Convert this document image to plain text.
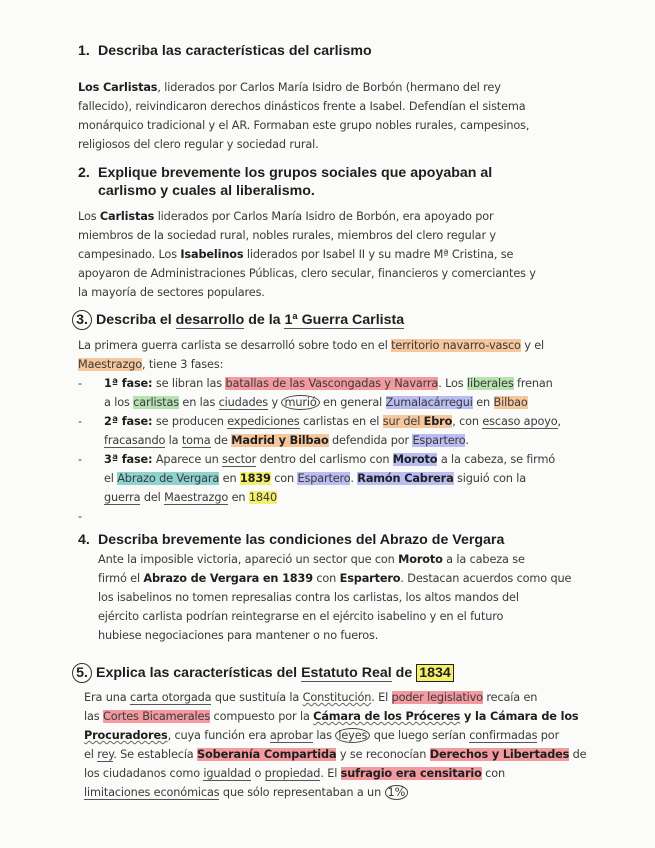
1. Describa las características del carlismo
Los Carlistas, liderados por Carlos María Isidro de Borbón (hermano del rey
fallecido), reivindicaron derechos dinásticos frente a Isabel. Defendían el sistema
monárquico tradicional y el AR. Formaban este grupo nobles rurales, campesinos,
religiosos del clero regular y sociedad rural.
2. Explique brevemente los grupos sociales que apoyaban al
carlismo y cuales al liberalismo.
Los Carlistas liderados por Carlos María Isidro de Borbón, era apoyado por
miembros de la sociedad rural, nobles rurales, miembros del clero regular y
campesinado. Los Isabelinos liderados por Isabel II y su madre Mª Cristina, se
apoyaron de Administraciones Públicas, clero secular, financieros y comerciantes y
la mayoría de sectores populares.
3. Describa el desarrollo de la 1ª Guerra Carlista
La primera guerra carlista se desarrolló sobre todo en el territorio navarro-vasco y el
Maestrazgo, tiene 3 fases:
- 1ª fase: se libran las batallas de las Vascongadas y Navarra. Los liberales frenan
a los carlistas en las ciudades y murió en general Zumalacárregui en Bilbao
- 2ª fase: se producen expediciones carlistas en el sur del Ebro, con escaso apoyo,
fracasando la toma de Madrid y Bilbao defendida por Espartero.
- 3ª fase: Aparece un sector dentro del carlismo con Moroto a la cabeza, se firmó
el Abrazo de Vergara en 1839 con Espartero. Ramón Cabrera siguió con la
guerra del Maestrazgo en 1840
-
4. Describa brevemente las condiciones del Abrazo de Vergara
Ante la imposible victoria, apareció un sector que con Moroto a la cabeza se
firmó el Abrazo de Vergara en 1839 con Espartero. Destacan acuerdos como que
los isabelinos no tomen represalias contra los carlistas, los altos mandos del
ejército carlista podrían reintegrarse en el ejército isabelino y en el futuro
hubiese negociaciones para mantener o no fueros.
5. Explica las características del Estatuto Real de 1834
Era una carta otorgada que sustituía la Constitución. El poder legislativo recaía en
las Cortes Bicamerales compuesto por la Cámara de los Próceres y la Cámara de los
Procuradores, cuya función era aprobar las leyes que luego serían confirmadas por
el rey. Se establecía Soberanía Compartida y se reconocían Derechos y Libertades de
los ciudadanos como igualdad o propiedad. El sufragio era censitario con
limitaciones económicas que sólo representaban a un 1%
